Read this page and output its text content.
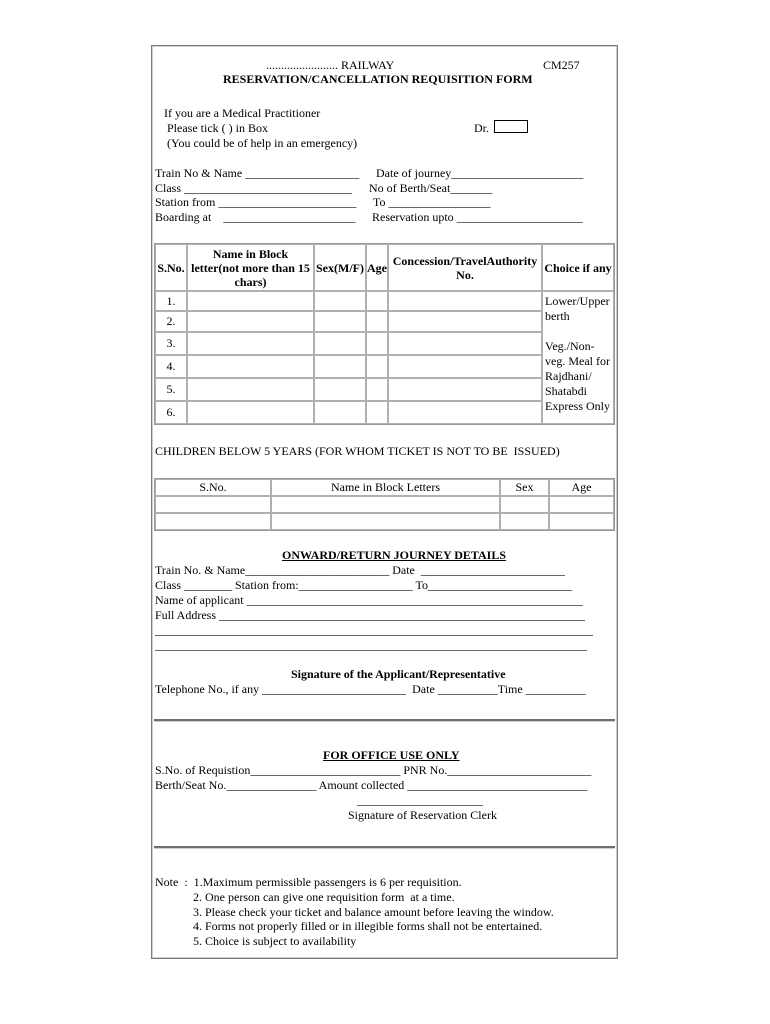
........................ RAILWAY	CM257
RESERVATION/CANCELLATION REQUISITION FORM
If you are a Medical Practitioner
Please tick ( ) in Box	Dr.
(You could be of help in an emergency)
Train No & Name ___________________ Date of journey______________________
Class ____________________________ No of Berth/Seat_______
Station from _______________________ To _________________
Boarding at    ______________________ Reservation upto _____________________
S.No.	Name in Block letter(not more than 15 chars)	Sex(M/F)	Age	Concession/TravelAuthority No.	Choice if any
1.					Lower/Upper berth
Veg./Non-veg. Meal for Rajdhani/ Shatabdi Express Only

2.					
3.					
4.					
5.					
6.					
CHILDREN BELOW 5 YEARS (FOR WHOM TICKET IS NOT TO BE  ISSUED)
S.No.	Name in Block Letters	Sex	Age

ONWARD/RETURN JOURNEY DETAILS
Train No. & Name________________________ Date  ________________________
Class ________ Station from:___________________ To________________________
Name of applicant ________________________________________________________
Full Address _____________________________________________________________
_________________________________________________________________________
________________________________________________________________________
Signature of the Applicant/Representative
Telephone No., if any ________________________  Date __________Time __________
FOR OFFICE USE ONLY
S.No. of Requistion_________________________ PNR No.________________________
Berth/Seat No._______________ Amount collected ______________________________
_____________________
Signature of Reservation Clerk
Note  :  1.Maximum permissible passengers is 6 per requisition.
2. One person can give one requisition form  at a time.
3. Please check your ticket and balance amount before leaving the window.
4. Forms not properly filled or in illegible forms shall not be entertained.
5. Choice is subject to availability
